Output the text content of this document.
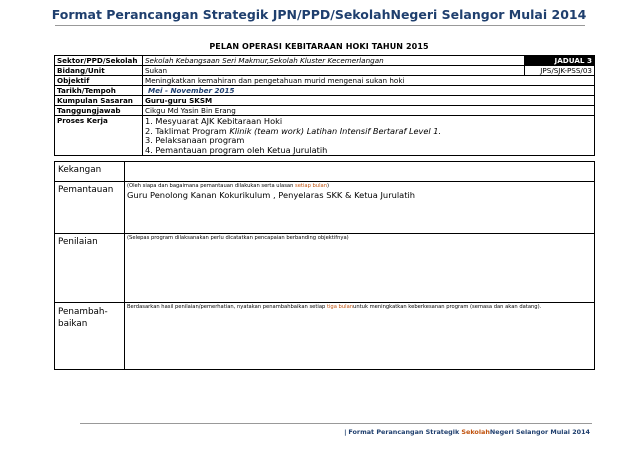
Format Perancangan Strategik JPN/PPD/SekolahNegeri Selangor Mulai 2014
PELAN OPERASI KEBITARAAN HOKI TAHUN 2015
Sektor/PPD/Sekolah	Sekolah Kebangsaan Seri Makmur,Sekolah Kluster Kecemerlangan	JADUAL 3
Bidang/Unit	Sukan	JPS/SJK-PSS/03
Objektif	Meningkatkan kemahiran dan pengetahuan murid mengenai sukan hoki	
Tarikh/Tempoh	Mei - November 2015	
Kumpulan Sasaran	Guru-guru SKSM	
Tanggungjawab	Cikgu Md Yasin Bin Erang	
Proses Kerja	1. Mesyuarat AJK Kebitaraan Hoki
2. Taklimat Program Klinik (team work) Latihan Intensif Bertaraf Level 1.
3. Pelaksanaan program
4. Pemantauan program oleh Ketua Jurulatih	
Kekangan	
Pemantauan	(Oleh siapa dan bagaimana pemantauan dilakukan serta ulasan setiap bulan)
Guru Penolong Kanan Kokurikulum , Penyelaras SKK & Ketua Jurulatih

Penilaian	(Selepas program dilaksanakan perlu dicatatkan pencapaian berbanding objektifnya)

Penambah-
baikan	Berdasarkan hasil penilaian/pemerhatian, nyatakan penambahbaikan setiap tiga bulanuntuk meningkatkan keberkesanan program (semasa dan akan datang).
| Format Perancangan Strategik SekolahNegeri Selangor Mulai 2014
